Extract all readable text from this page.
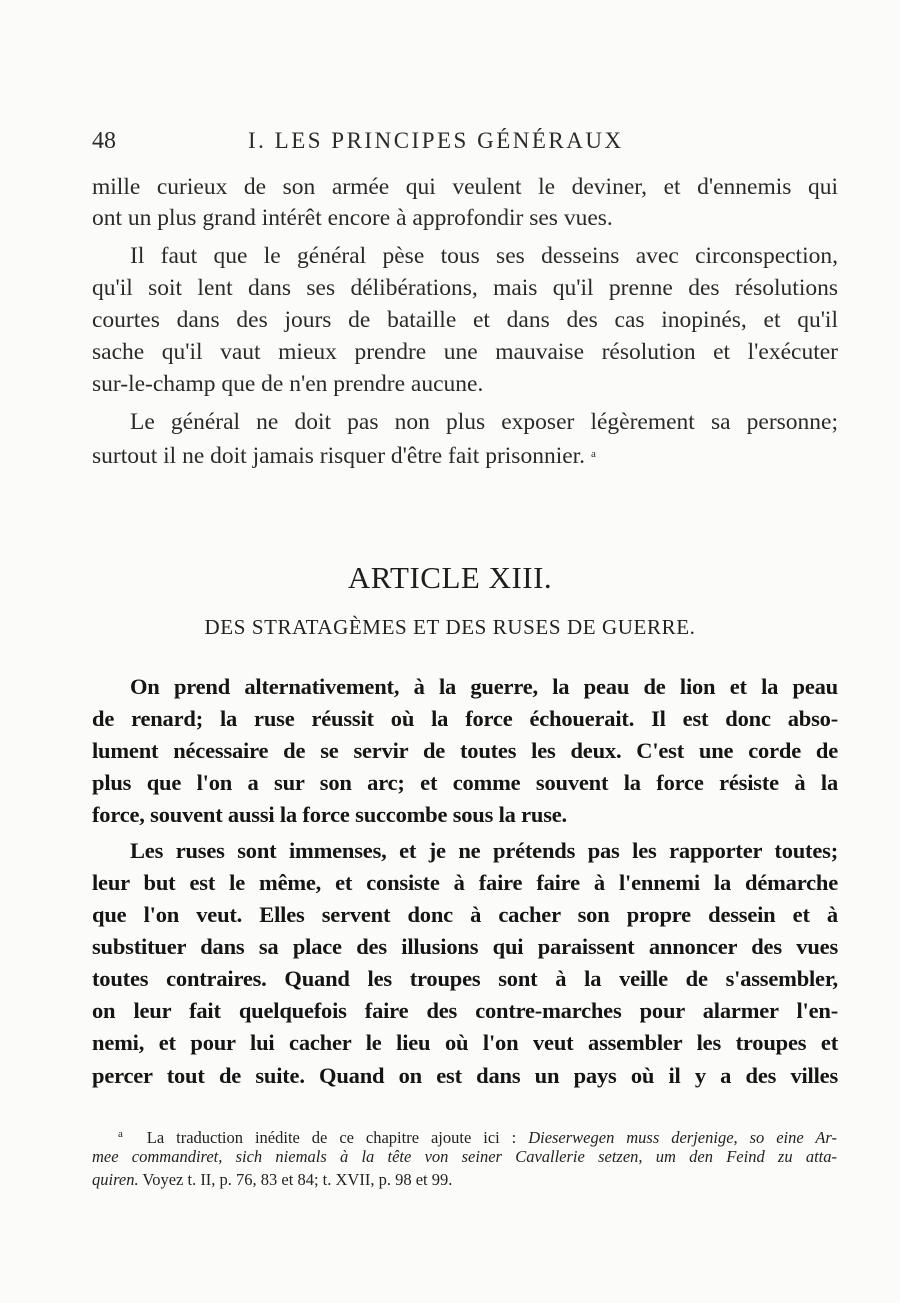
48	I. LES PRINCIPES GÉNÉRAUX
mille curieux de son armée qui veulent le deviner, et d'ennemis qui
ont un plus grand intérêt encore à approfondir ses vues.
Il faut que le général pèse tous ses desseins avec circonspection,
qu'il soit lent dans ses délibérations, mais qu'il prenne des résolutions
courtes dans des jours de bataille et dans des cas inopinés, et qu'il
sache qu'il vaut mieux prendre une mauvaise résolution et l'exécuter
sur-le-champ que de n'en prendre aucune.
Le général ne doit pas non plus exposer légèrement sa personne;
surtout il ne doit jamais risquer d'être fait prisonnier. $^a$
ARTICLE XIII.
DES STRATAGÈMES ET DES RUSES DE GUERRE.
On prend alternativement, à la guerre, la peau de lion et la peau
de renard; la ruse réussit où la force échouerait. Il est donc abso-
lument nécessaire de se servir de toutes les deux. C'est une corde de
plus que l'on a sur son arc; et comme souvent la force résiste à la
force, souvent aussi la force succombe sous la ruse.
Les ruses sont immenses, et je ne prétends pas les rapporter toutes;
leur but est le même, et consiste à faire faire à l'ennemi la démarche
que l'on veut. Elles servent donc à cacher son propre dessein et à
substituer dans sa place des illusions qui paraissent annoncer des vues
toutes contraires. Quand les troupes sont à la veille de s'assembler,
on leur fait quelquefois faire des contre-marches pour alarmer l'en-
nemi, et pour lui cacher le lieu où l'on veut assembler les troupes et
percer tout de suite. Quand on est dans un pays où il y a des villes
$^a$ La traduction inédite de ce chapitre ajoute ici : Dieserwegen muss derjenige, so eine Ar-
mee commandiret, sich niemals à la tête von seiner Cavallerie setzen, um den Feind zu atta-
quiren. Voyez t. II, p. 76, 83 et 84; t. XVII, p. 98 et 99.
